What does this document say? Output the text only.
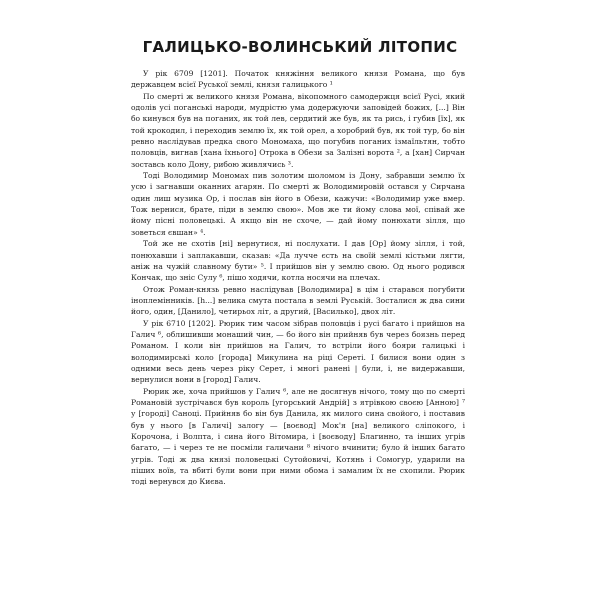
ГАЛИЦЬКО-ВОЛИНСЬКИЙ ЛІТОПИС

У рік 6709 [1201]. Початок княжіння великого князя Романа, що був державцем всієї Руської землі, князя галицького ¹

По смерті ж великого князя Романа, вікопомного самодержця всієї Русі, який одолів усі поганські народи, мудрістю ума додержуючи заповідей божих, [...] Він бо кинувся був на поганих, як той лев, сердитий же був, як та рись, і губив [їх], як той крокодил, і переходив землю їх, як той орел, а хоробрий був, як той тур, бо він ревно наслідував предка свого Мономаха, що погубив поганих ізмаїльтян, тобто половців, вигнав [хана їхнього] Отрока в Обези за Залізні ворота ², а [хан] Сирчан зоставсь коло Дону, рибою живлячись ³.

Тоді Володимир Мономах пив золотим шоломом із Дону, забравши землю їх усю і загнавши оканних агарян. По смерті ж Володимировій остався у Сирчана один лиш музика Ор, і послав він його в Обези, кажучи: «Володимир уже вмер. Тож вернися, брате, піди в землю свою». Мов же ти йому слова мої, співай же йому пісні половецькі. А якщо він не схоче, — дай йому понюхати зілля, що зоветься євшан» ⁴.

Той же не схотів [ні] вернутися, ні послухати. І дав [Ор] йому зілля, і той, понюхавши і заплакавши, сказав: «Да лучче єсть на своїй землі кістьми лягти, аніж на чужій славному бути» ⁵. І прийшов він у землю свою. Од нього родився Кончак, що зніс Сулу ⁶, пішо ходячи, котла носячи на плечах.

Отож Роман-князь ревно наслідував [Володимира] в цім і старався погубити іноплемінників. [h...] велика смута постала в землі Руській. Зосталися ж два сини його, один, [Данило], четирьох літ, а другий, [Василько], двох літ.

У рік 6710 [1202]. Рюрик тим часом зібрав половців і русі багато і прийшов на Галич ⁶, облишивши монаший чин, — бо його він прийняв був через боязнь перед Романом. І коли він прийшов на Галич, то встріли його бояри галицькі і володимирські коло [города] Микулина на ріці Сереті. І билися вони один з одними весь день через ріку Серет, і многі ранені | були, і, не видержавши, вернулися вони в [город] Галич.

Рюрик же, хоча прийшов у Галич ⁶, але не досягнув нічого, тому що по смерті Романовій зустрічався був король [угорський Андрій] з ятрівкою своєю [Анною] ⁷ у [городі] Саноці. Прийняв бо він був Данила, як милого сина свойого, і поставив був у нього [в Галичі] залогу — [воєвод] Мок'я [на] великого сліпокого, і Корочона, і Волпта, і сина його Вітомира, і [воєводу] Благинно, та інших угрів багато, — і через те не посміли галичани ⁸ нічого вчинити; було й інших багато угрів. Тоді ж два князі половецькі Сутойовичі, Котянь і Сомогур, ударили на пішиx воїв, та вбиті були вони при ними обома і замалим їх не схопили. Рюрик тоді вернувся до Києва.
